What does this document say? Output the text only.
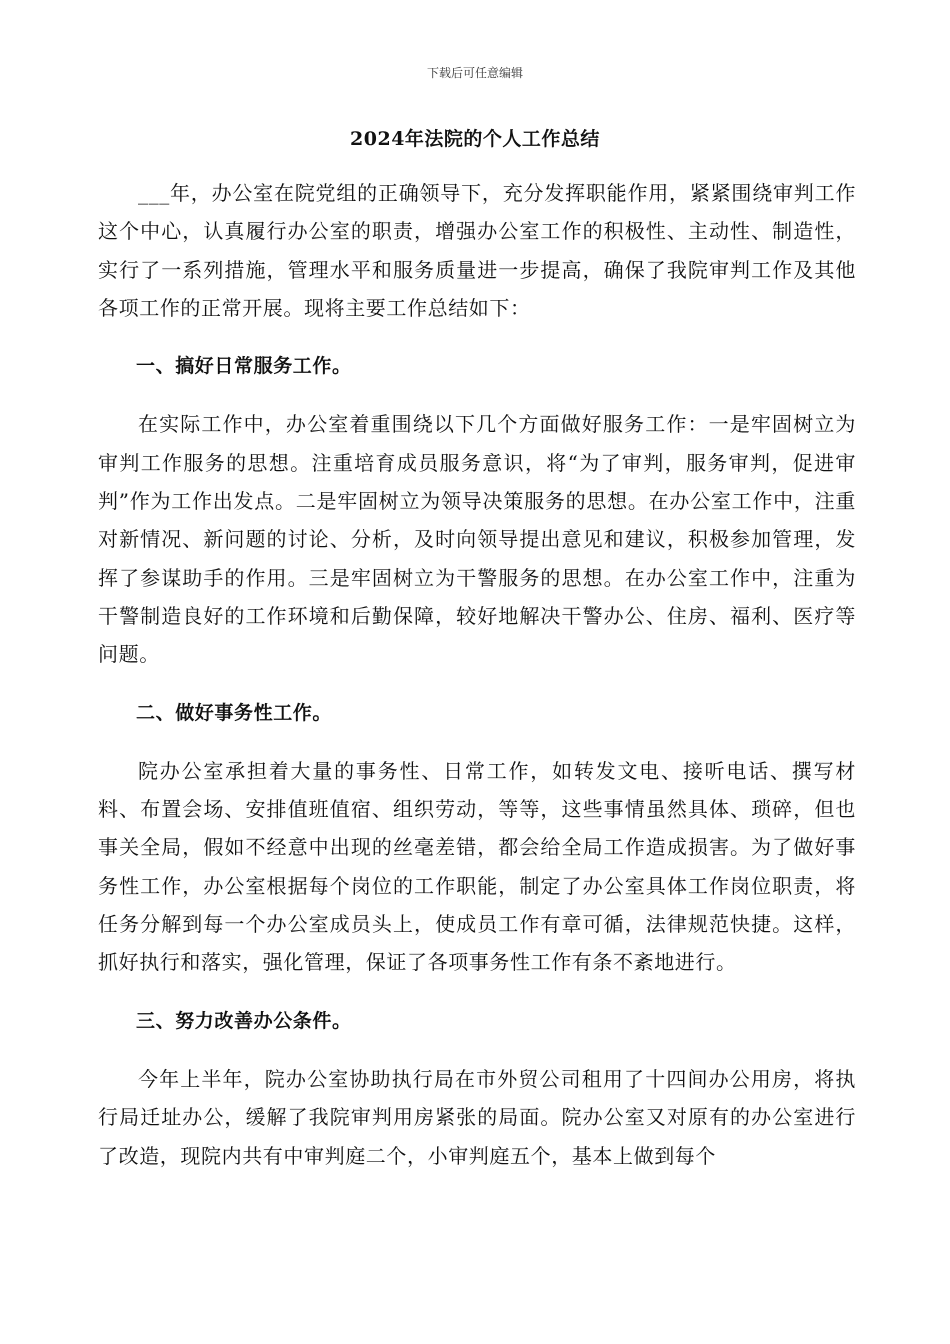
下载后可任意编辑
2024年法院的个人工作总结

___年，办公室在院党组的正确领导下，充分发挥职能作用，紧紧围绕审判工作这个中心，认真履行办公室的职责，增强办公室工作的积极性、主动性、制造性，实行了一系列措施，管理水平和服务质量进一步提高，确保了我院审判工作及其他各项工作的正常开展。现将主要工作总结如下：

一、搞好日常服务工作。

在实际工作中，办公室着重围绕以下几个方面做好服务工作：一是牢固树立为审判工作服务的思想。注重培育成员服务意识，将“为了审判，服务审判，促进审判”作为工作出发点。二是牢固树立为领导决策服务的思想。在办公室工作中，注重对新情况、新问题的讨论、分析，及时向领导提出意见和建议，积极参加管理，发挥了参谋助手的作用。三是牢固树立为干警服务的思想。在办公室工作中，注重为干警制造良好的工作环境和后勤保障，较好地解决干警办公、住房、福利、医疗等问题。

二、做好事务性工作。

院办公室承担着大量的事务性、日常工作，如转发文电、接听电话、撰写材料、布置会场、安排值班值宿、组织劳动，等等，这些事情虽然具体、琐碎，但也事关全局，假如不经意中出现的丝毫差错，都会给全局工作造成损害。为了做好事务性工作，办公室根据每个岗位的工作职能，制定了办公室具体工作岗位职责，将任务分解到每一个办公室成员头上，使成员工作有章可循，法律规范快捷。这样，抓好执行和落实，强化管理，保证了各项事务性工作有条不紊地进行。

三、努力改善办公条件。

今年上半年，院办公室协助执行局在市外贸公司租用了十四间办公用房，将执行局迁址办公，缓解了我院审判用房紧张的局面。院办公室又对原有的办公室进行了改造，现院内共有中审判庭二个，小审判庭五个，基本上做到每个
